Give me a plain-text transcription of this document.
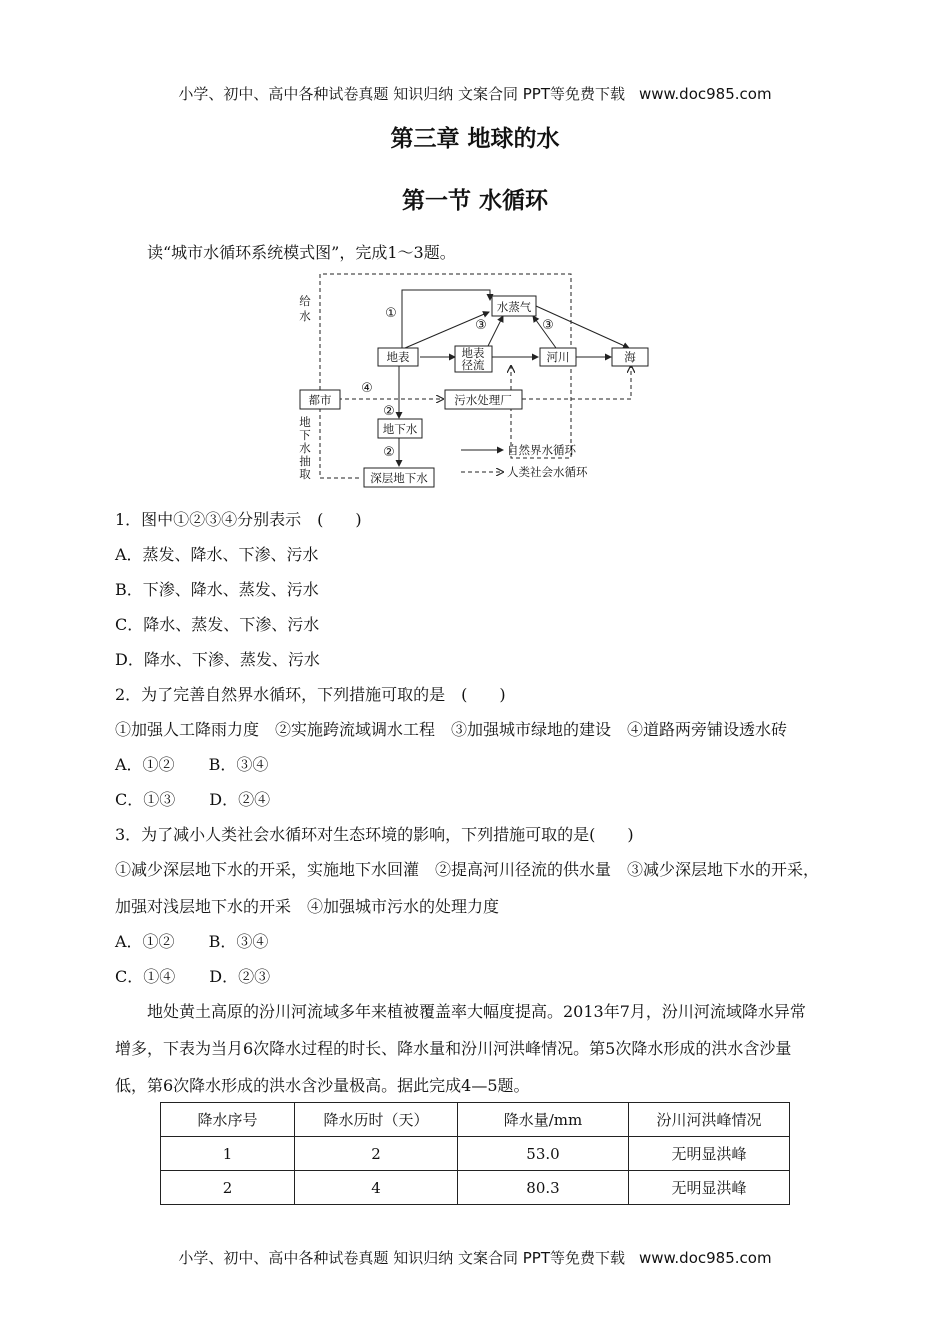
小学、初中、高中各种试卷真题 知识归纳 文案合同 PPT等免费下载 www.doc985.com
第三章 地球的水
第一节 水循环
读“城市水循环系统模式图”，完成1～3题。
水蒸气
地表	地表
径流
河川	海
都市	污水处理厂
地下水
深层地下水
给
水
地
下
水
抽
取
①
③	③
④
②
②	自然界水循环
人类社会水循环
1．图中①②③④分别表示　(　　)
A．蒸发、降水、下渗、污水
B．下渗、降水、蒸发、污水
C．降水、蒸发、下渗、污水
D．降水、下渗、蒸发、污水
2．为了完善自然界水循环，下列措施可取的是　(　　)
①加强人工降雨力度　②实施跨流域调水工程　③加强城市绿地的建设　④道路两旁铺设透水砖
A．①② B．③④
C．①③ D．②④
3．为了减小人类社会水循环对生态环境的影响，下列措施可取的是(　　)
①减少深层地下水的开采，实施地下水回灌　②提高河川径流的供水量　③减少深层地下水的开采，
加强对浅层地下水的开采　④加强城市污水的处理力度
A．①② B．③④
C．①④ D．②③
地处黄土高原的汾川河流域多年来植被覆盖率大幅度提高。2013年7月，汾川河流域降水异常
增多，下表为当月6次降水过程的时长、降水量和汾川河洪峰情况。第5次降水形成的洪水含沙量
低，第6次降水形成的洪水含沙量极高。据此完成4—5题。
降水序号	降水历时（天）	降水量/mm	汾川河洪峰情况
1	2	53.0	无明显洪峰
2	4	80.3	无明显洪峰
小学、初中、高中各种试卷真题 知识归纳 文案合同 PPT等免费下载 www.doc985.com
